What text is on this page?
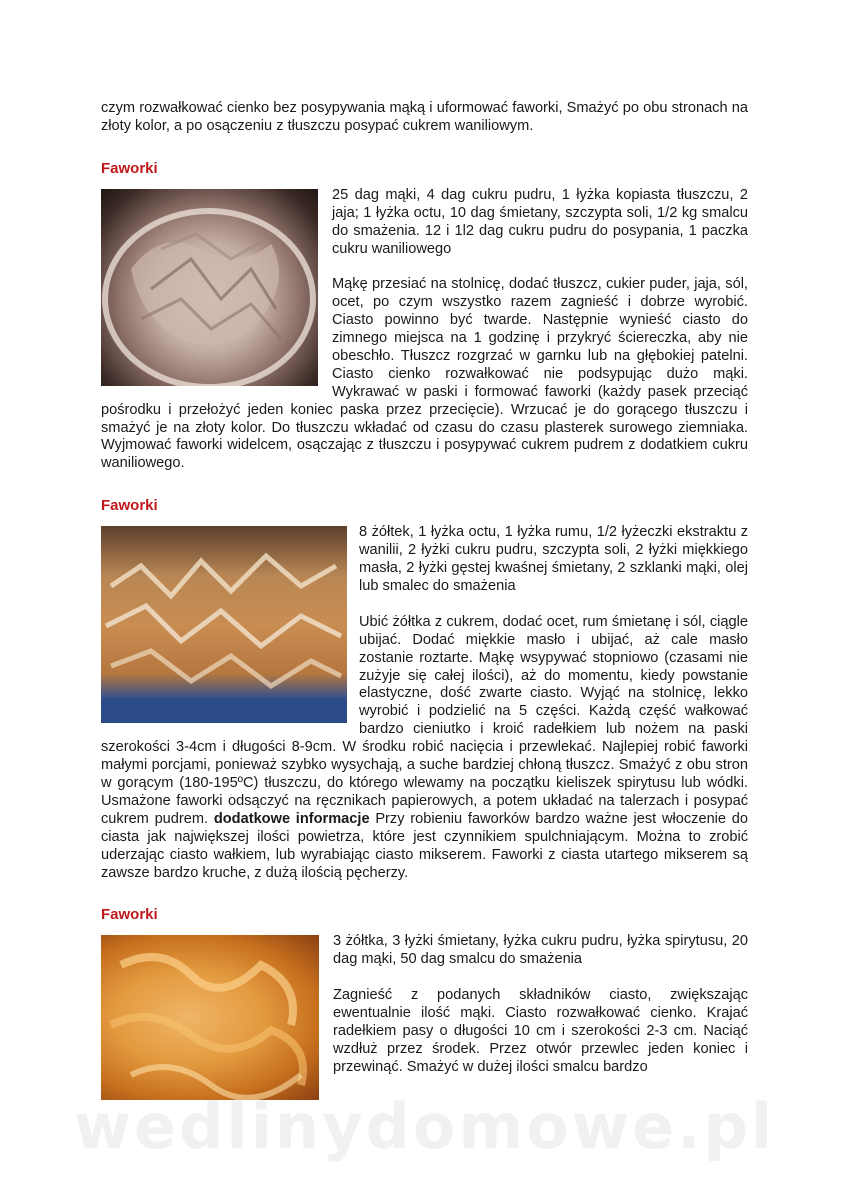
czym rozwałkować cienko bez posypywania mąką i uformować faworki, Smażyć po obu stronach na złoty kolor, a po osączeniu z tłuszczu posypać cukrem waniliowym.

Faworki

25 dag mąki, 4 dag cukru pudru, 1 łyżka kopiasta tłuszczu, 2 jaja; 1 łyżka octu, 10 dag śmietany, szczypta soli, 1/2 kg smalcu do smażenia. 12 i 1l2 dag cukru pudru do posypania, 1 paczka cukru waniliowego

Mąkę przesiać na stolnicę, dodać tłuszcz, cukier puder, jaja, sól, ocet, po czym wszystko razem zagnieść i dobrze wyrobić. Ciasto powinno być twarde. Następnie wynieść ciasto do zimnego miejsca na 1 godzinę i przykryć ściereczka, aby nie obeschło. Tłuszcz rozgrzać w garnku lub na głębokiej patelni. Ciasto cienko rozwałkować nie podsypując dużo mąki. Wykrawać w paski i formować faworki (każdy pasek przeciąć pośrodku i przełożyć jeden koniec paska przez przecięcie). Wrzucać je do gorącego tłuszczu i smażyć je na złoty kolor. Do tłuszczu wkładać od czasu do czasu plasterek surowego ziemniaka. Wyjmować faworki widelcem, osączając z tłuszczu i posypywać cukrem pudrem z dodatkiem cukru waniliowego.

Faworki

8 żółtek, 1 łyżka octu, 1 łyżka rumu, 1/2 łyżeczki ekstraktu z wanilii, 2 łyżki cukru pudru, szczypta soli, 2 łyżki miękkiego masła, 2 łyżki gęstej kwaśnej śmietany, 2 szklanki mąki, olej lub smalec do smażenia

Ubić żółtka z cukrem, dodać ocet, rum śmietanę i sól, ciągle ubijać. Dodać miękkie masło i ubijać, aż cale masło zostanie roztarte. Mąkę wsypywać stopniowo (czasami nie zużyje się całej ilości), aż do momentu, kiedy powstanie elastyczne, dość zwarte ciasto. Wyjąć na stolnicę, lekko wyrobić i podzielić na 5 części. Każdą część wałkować bardzo cieniutko i kroić radełkiem lub nożem na paski szerokości 3-4cm i długości 8-9cm. W środku robić nacięcia i przewlekać. Najlepiej robić faworki małymi porcjami, ponieważ szybko wysychają, a suche bardziej chłoną tłuszcz. Smażyć z obu stron w gorącym (180-195ºC) tłuszczu, do którego wlewamy na początku kieliszek spirytusu lub wódki. Usmażone faworki odsączyć na ręcznikach papierowych, a potem układać na talerzach i posypać cukrem pudrem. dodatkowe informacje Przy robieniu faworków bardzo ważne jest włoczenie do ciasta jak największej ilości powietrza, które jest czynnikiem spulchniającym. Można to zrobić uderzając ciasto wałkiem, lub wyrabiając ciasto mikserem. Faworki z ciasta utartego mikserem są zawsze bardzo kruche, z dużą ilością pęcherzy.

Faworki

3 żółtka, 3 łyżki śmietany, łyżka cukru pudru, łyżka spirytusu, 20 dag mąki, 50 dag smalcu do smażenia

Zagnieść z podanych składników ciasto, zwiększając ewentualnie ilość mąki. Ciasto rozwałkować cienko. Krajać radełkiem pasy o długości 10 cm i szerokości 2-3 cm. Naciąć wzdłuż przez środek. Przez otwór przewlec jeden koniec i przewinąć. Smażyć w dużej ilości smalcu bardzo

wedlinydomowe.pl
